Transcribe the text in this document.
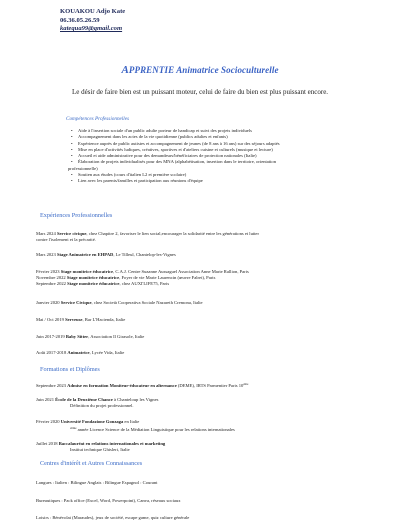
KOUAKOU Adjo Kate
06.36.05.26.59
katequa99@gmail.com
APPRENTIE Animatrice Socioculturelle
Le désir de faire bien est un puissant moteur, celui de faire du bien est plus puissant encore.
Compétences Professionnelles
• Aide à l'insertion sociale d'un public adulte porteur de handicap et suivi des projets individuels
• Accompagnement dans les actes de la vie quotidienne (publics adultes et enfants)
• Expérience auprès de public autistes et accompagnement de jeunes (de 8 ans à 16 ans) sur des séjours adaptés
• Mise en place d'activités ludiques, créatives, sportives et d'ateliers cuisine et culturels (musique et lecture)
• Accueil et aide administrative pour des demandeurs/bénéficiaires de protection nationales (Italie)
• Élaboration de projets individualisés pour des MNA (alphabétisation, insertion dans le territoire, orientation
professionnelle)
• Soutien aux études (cours d'italien L2 et première scolaire)
• Lien avec les parents/familles et participation aux réunions d'équipe
Expériences Professionnelles
Mars 2024 Service civique, chez Chapitre 2, favoriser le lien social,encourager la solidarité entre les générations et lutter
contre l'isolement et la précarité.
Mars 2023 Stage Animatrice en EHPAD, Le Tilleul, Chantelop-les-Vignes
Février 2023 Stage monitrice éducatrice, C.A.J. Centre Suzanne Aussaguel Association Anne Marie Rallion, Paris
Novembre 2022 Stage monitrice éducatrice, Foyer de vie Marie Laurencin (œuvre Falret), Paris
Septembre 2022 Stage monitrice éducatrice, chez AUXI'LIFE75, Paris
Janvier 2020 Service Civique, chez Società Cooperativa Sociale Nazareth Cremona, Italie
Mai / Oct 2019 Serveuse, Bar L'Hacienda, Italie
Juin 2017-2019 Baby Sitter, Association Il Girasole, Italie
Août 2017-2018 Animatrice, Lycée Vida, Italie
Formations et Diplômes
Septembre 2023 Admise en formation Moniteur-éducateur en alternance (DEME), IRTS Parmentier Paris 10ème
Juin 2021 École de la Deuxième Chance à Chanteloup les Vignes
Définition du projet professionnel.
Février 2020 Université Fondazione Gonzaga en Italie
$^{2ème}$ année Licence Science de la Médiation Linguistique pour les relations internationales
Juillet 2018 Baccalauréat en relations internationales et marketing
Institut technique Ghisleri, Italie
Centres d'intérêt et Autres Connaissances
Langues : Italien : Bilingue Anglais : Bilingue Espagnol : Courant
Bureautiques : Pack office (Excel, Word, Powerpoint), Canva, réseaux sociaux
Loisirs : Bénévolat (Maraudes), jeux de société, escape game, quiz culture générale
